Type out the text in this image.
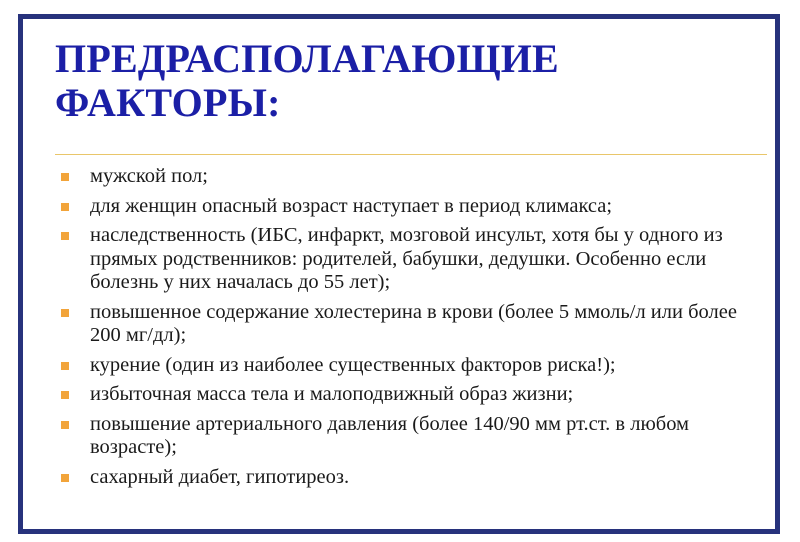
ПРЕДРАСПОЛАГАЮЩИЕ
ФАКТОРЫ:
мужской пол;
для женщин опасный возраст наступает в период климакса;
наследственность (ИБС, инфаркт, мозговой инсульт, хотя бы у одного из прямых родственников: родителей, бабушки, дедушки. Особенно если болезнь у них началась до 55 лет);
повышенное содержание холестерина в крови (более 5 ммоль/л или более 200 мг/дл);
курение (один из наиболее существенных факторов риска!);
избыточная масса тела и малоподвижный образ жизни;
повышение артериального давления (более 140/90 мм рт.ст. в любом возрасте);
сахарный диабет, гипотиреоз.
